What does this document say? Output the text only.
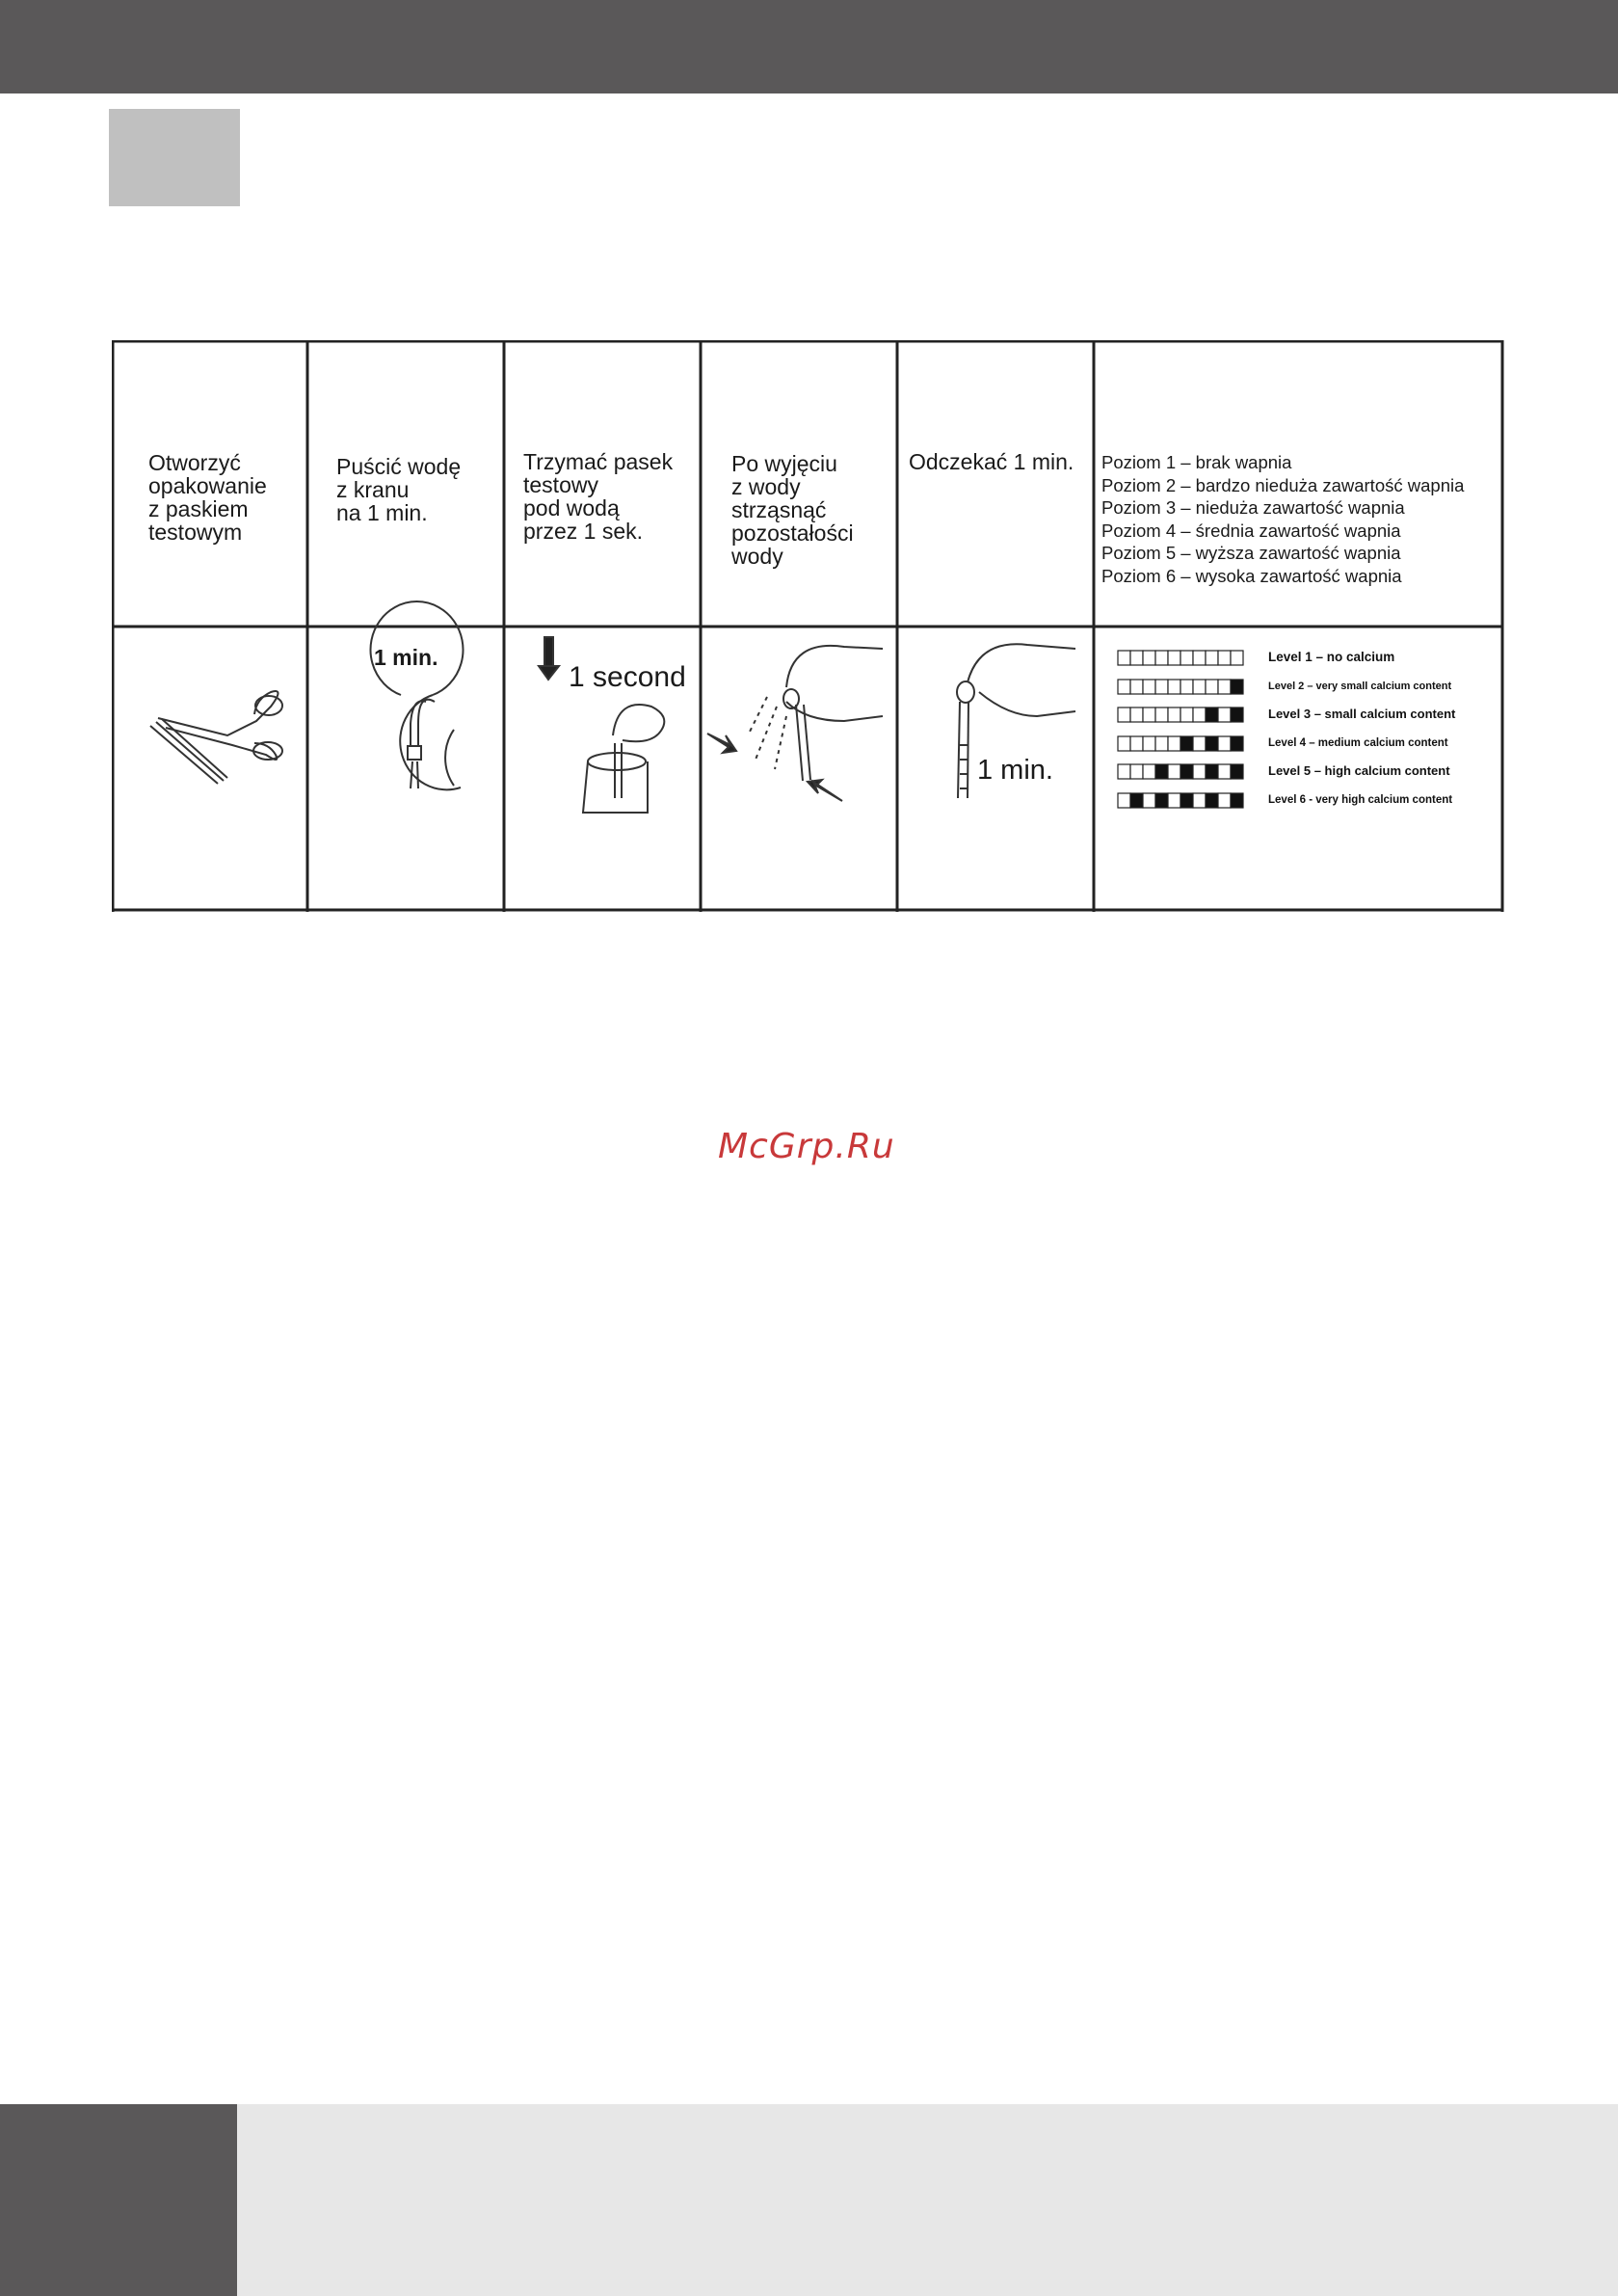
Otworzyć
opakowanie
z paskiem
testowym
Puścić wodę
z kranu
na 1 min.
Trzymać pasek
testowy
pod wodą
przez 1 sek.
Po wyjęciu
z wody
strząsnąć
pozostałości
wody
Odczekać 1 min. Poziom 1 – brak wapnia
Poziom 2 – bardzo nieduża zawartość wapnia
Poziom 3 – nieduża zawartość wapnia
Poziom 4 – średnia zawartość wapnia
Poziom 5 – wyższa zawartość wapnia
Poziom 6 – wysoka zawartość wapnia
1 min.
1 second
1 min.
Level 1 – no calcium
Level 2 – very small calcium content
Level 3 – small calcium content
Level 4 – medium calcium content
Level 5 – high calcium content
Level 6 - very high calcium content
McGrp.Ru
